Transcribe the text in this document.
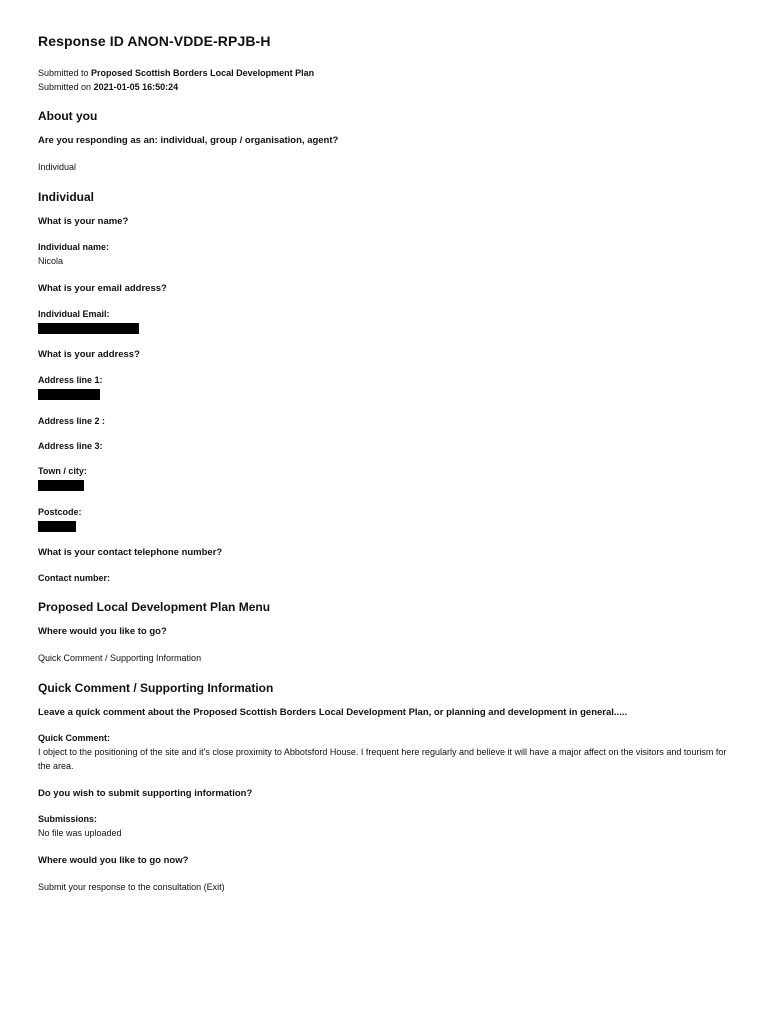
Response ID ANON-VDDE-RPJB-H
Submitted to Proposed Scottish Borders Local Development Plan
Submitted on 2021-01-05 16:50:24
About you
Are you responding as an: individual, group / organisation, agent?
Individual
Individual
What is your name?
Individual name:
Nicola
What is your email address?
Individual Email:
What is your address?
Address line 1:
Address line 2 :
Address line 3:
Town / city:
Postcode:
What is your contact telephone number?
Contact number:
Proposed Local Development Plan Menu
Where would you like to go?
Quick Comment / Supporting Information
Quick Comment / Supporting Information
Leave a quick comment about the Proposed Scottish Borders Local Development Plan, or planning and development in general.....
Quick Comment:
I object to the positioning of the site and it's close proximity to Abbotsford House. I frequent here regularly and believe it will have a major affect on the visitors and tourism for the area.
Do you wish to submit supporting information?
Submissions:
No file was uploaded
Where would you like to go now?
Submit your response to the consultation (Exit)
